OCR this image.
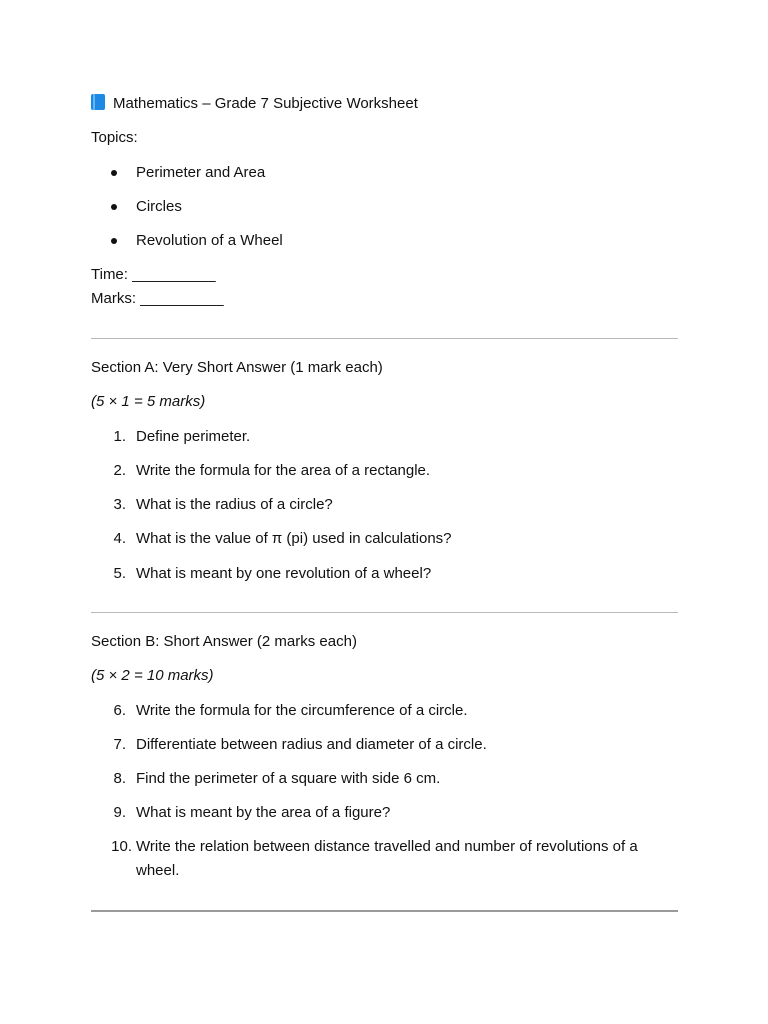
Mathematics – Grade 7 Subjective Worksheet
Topics:
Perimeter and Area
Circles
Revolution of a Wheel
Time: __________
Marks: __________
Section A: Very Short Answer (1 mark each)
(5 × 1 = 5 marks)
1. Define perimeter.
2. Write the formula for the area of a rectangle.
3. What is the radius of a circle?
4. What is the value of π (pi) used in calculations?
5. What is meant by one revolution of a wheel?
Section B: Short Answer (2 marks each)
(5 × 2 = 10 marks)
6. Write the formula for the circumference of a circle.
7. Differentiate between radius and diameter of a circle.
8. Find the perimeter of a square with side 6 cm.
9. What is meant by the area of a figure?
10. Write the relation between distance travelled and number of revolutions of a wheel.
